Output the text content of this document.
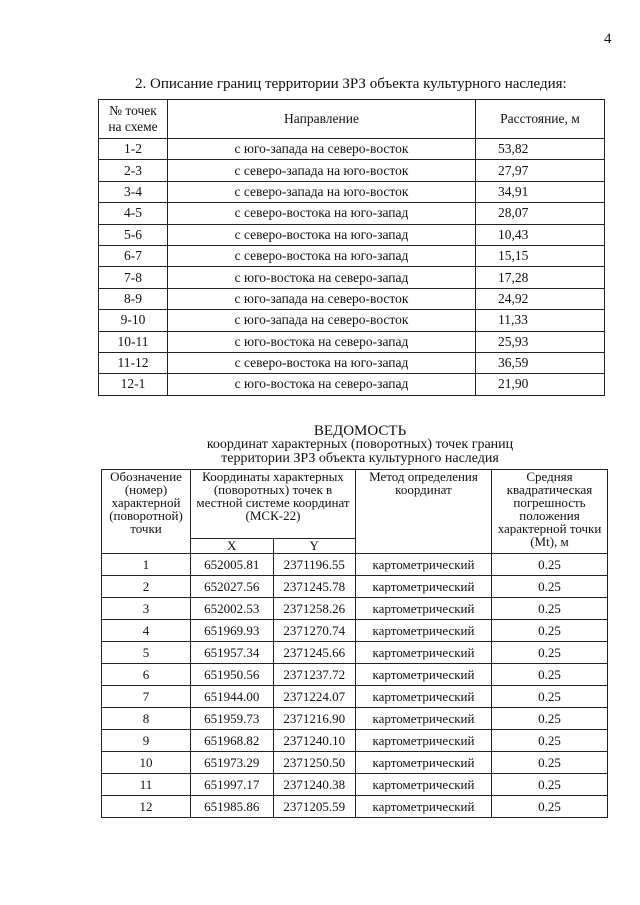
4
2. Описание границ территории ЗРЗ объекта культурного наследия:
№ точек
на схеме	Направление	Расстояние, м
1-2	с юго-запада на северо-восток	53,82
2-3	с северо-запада на юго-восток	27,97
3-4	с северо-запада на юго-восток	34,91
4-5	с северо-востока на юго-запад	28,07
5-6	с северо-востока на юго-запад	10,43
6-7	с северо-востока на юго-запад	15,15
7-8	с юго-востока на северо-запад	17,28
8-9	с юго-запада на северо-восток	24,92
9-10	с юго-запада на северо-восток	11,33
10-11	с юго-востока на северо-запад	25,93
11-12	с северо-востока на юго-запад	36,59
12-1	с юго-востока на северо-запад	21,90
ВЕДОМОСТЬ
координат характерных (поворотных) точек границ
территории ЗРЗ объекта культурного наследия
Обозначение (номер) характерной (поворотной) точки	Координаты характерных (поворотных) точек в местной системе координат (МСК-22)		Метод определения координат	Средняя квадратическая погрешность положения характерной точки (Mt), м
	X	Y		
1	652005.81	2371196.55	картометрический	0.25
2	652027.56	2371245.78	картометрический	0.25
3	652002.53	2371258.26	картометрический	0.25
4	651969.93	2371270.74	картометрический	0.25
5	651957.34	2371245.66	картометрический	0.25
6	651950.56	2371237.72	картометрический	0.25
7	651944.00	2371224.07	картометрический	0.25
8	651959.73	2371216.90	картометрический	0.25
9	651968.82	2371240.10	картометрический	0.25
10	651973.29	2371250.50	картометрический	0.25
11	651997.17	2371240.38	картометрический	0.25
12	651985.86	2371205.59	картометрический	0.25
